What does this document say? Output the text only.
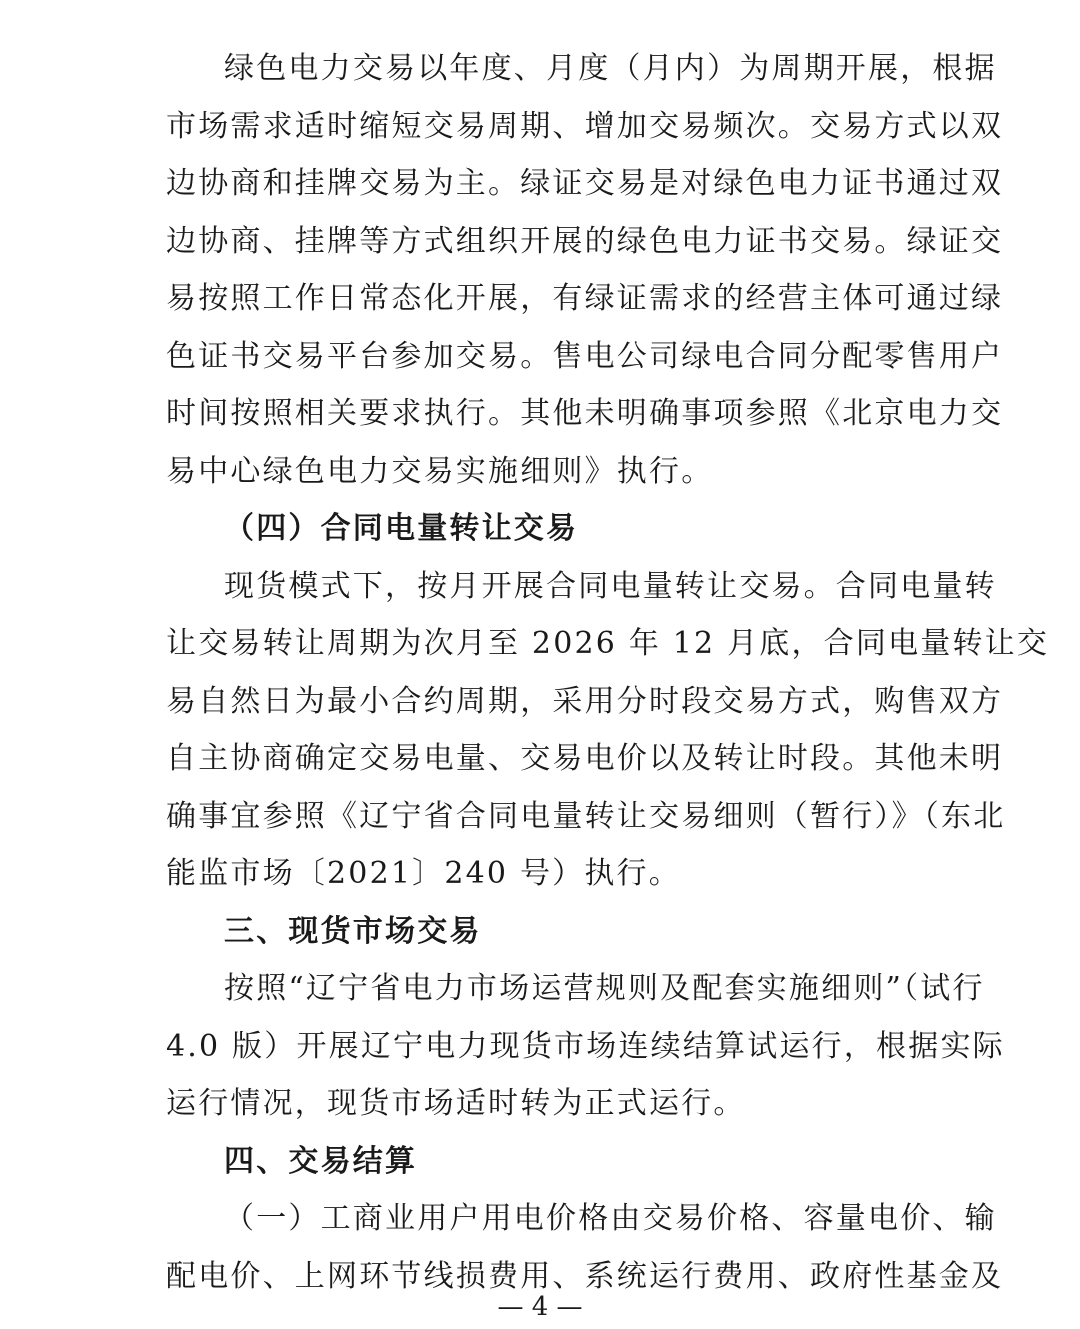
绿色电力交易以年度、月度（月内）为周期开展，根据
市场需求适时缩短交易周期、增加交易频次。交易方式以双
边协商和挂牌交易为主。绿证交易是对绿色电力证书通过双
边协商、挂牌等方式组织开展的绿色电力证书交易。绿证交
易按照工作日常态化开展，有绿证需求的经营主体可通过绿
色证书交易平台参加交易。售电公司绿电合同分配零售用户
时间按照相关要求执行。其他未明确事项参照《北京电力交
易中心绿色电力交易实施细则》执行。
（四）合同电量转让交易
现货模式下，按月开展合同电量转让交易。合同电量转
让交易转让周期为次月至 2026 年 12 月底，合同电量转让交
易自然日为最小合约周期，采用分时段交易方式，购售双方
自主协商确定交易电量、交易电价以及转让时段。其他未明
确事宜参照《辽宁省合同电量转让交易细则（暂行）》（东北
能监市场〔2021〕240 号）执行。
三、现货市场交易
按照“辽宁省电力市场运营规则及配套实施细则”（试行
4.0 版）开展辽宁电力现货市场连续结算试运行，根据实际
运行情况，现货市场适时转为正式运行。
四、交易结算
（一）工商业用户用电价格由交易价格、容量电价、输
配电价、上网环节线损费用、系统运行费用、政府性基金及
— 4 —
